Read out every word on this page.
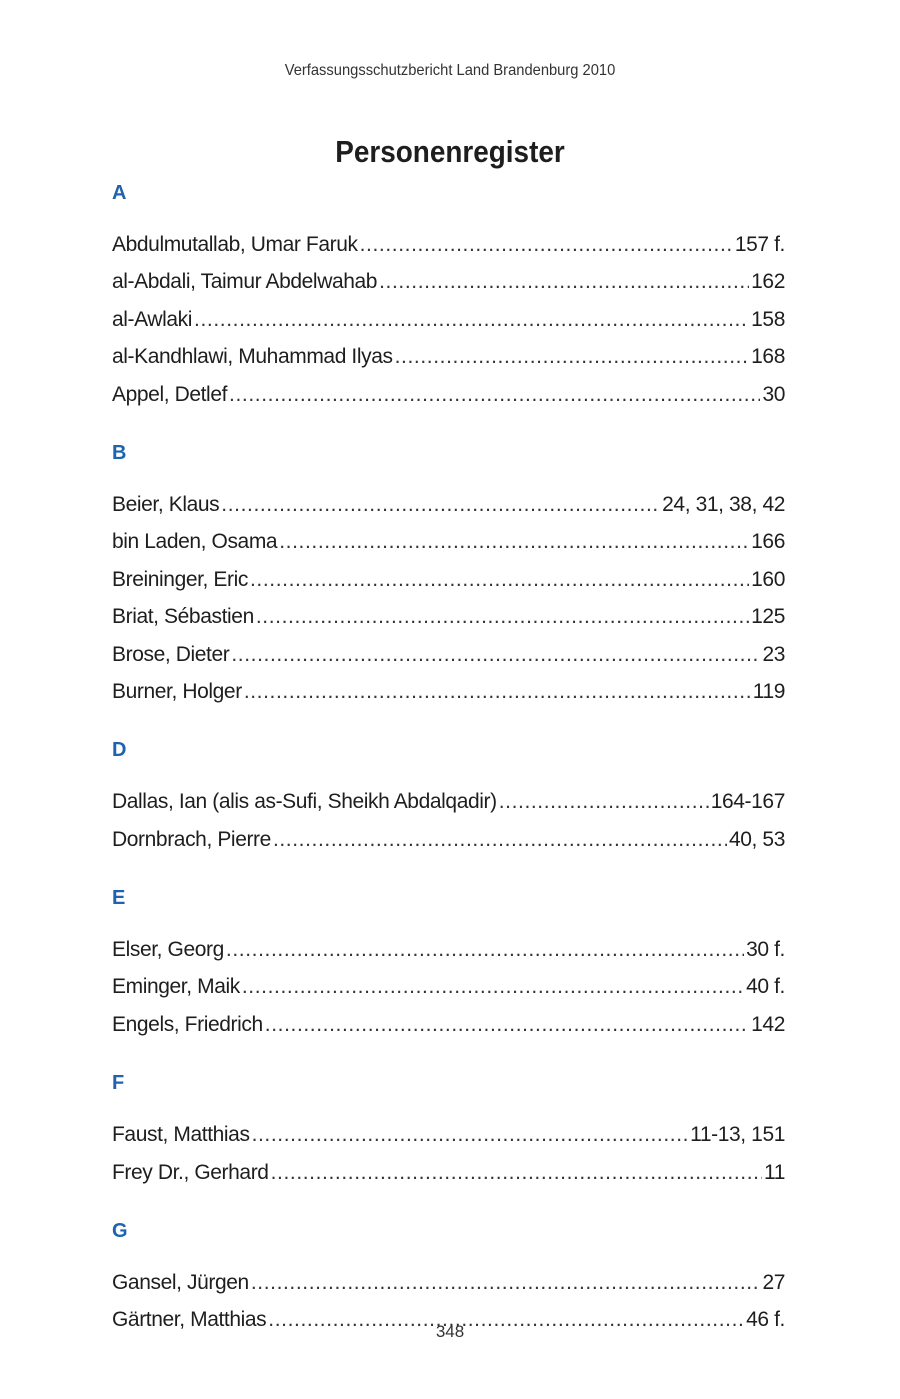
Verfassungsschutzbericht Land Brandenburg 2010
Personenregister
A
Abdulmutallab, Umar Faruk .....	157 f.
al-Abdali, Taimur Abdelwahab .....	162
al-Awlaki .....	158
al-Kandhlawi, Muhammad Ilyas .....	168
Appel, Detlef .....	30
B
Beier, Klaus .....	24, 31, 38, 42
bin Laden, Osama .....	166
Breininger, Eric .....	160
Briat, Sébastien .....	125
Brose, Dieter .....	23
Burner, Holger .....	119
D
Dallas, Ian (alis as-Sufi, Sheikh Abdalqadir) .....	164-167
Dornbrach, Pierre .....	40, 53
E
Elser, Georg .....	30 f.
Eminger, Maik .....	40 f.
Engels, Friedrich .....	142
F
Faust, Matthias .....	11-13, 151
Frey Dr., Gerhard .....	11
G
Gansel, Jürgen .....	27
Gärtner, Matthias .....	46 f.
348
